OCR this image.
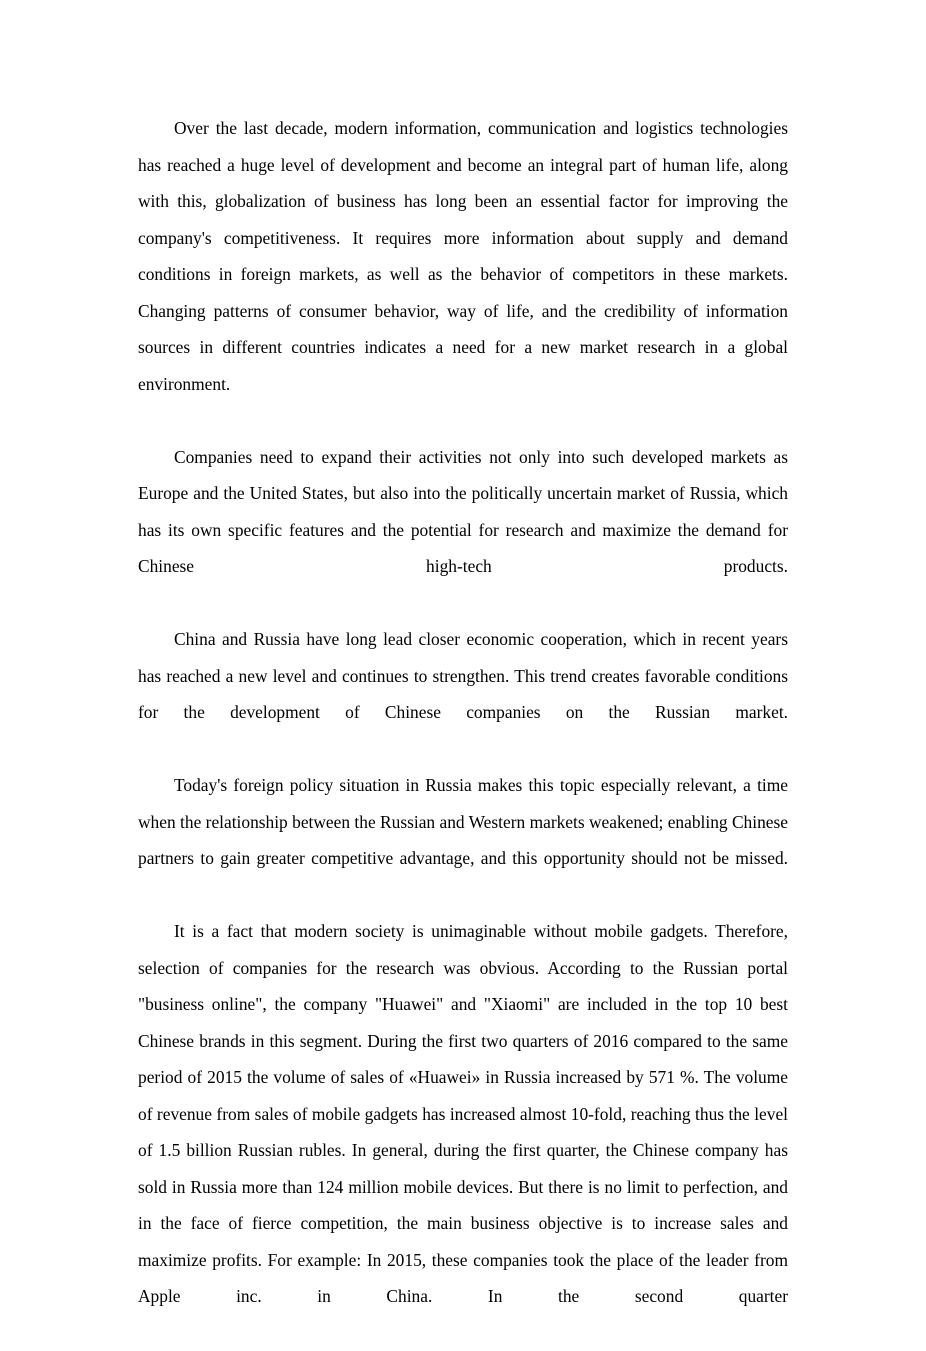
Over the last decade, modern information, communication and logistics technologies has reached a huge level of development and become an integral part of human life, along with this, globalization of business has long been an essential factor for improving the company's competitiveness. It requires more information about supply and demand conditions in foreign markets, as well as the behavior of competitors in these markets. Changing patterns of consumer behavior, way of life, and the credibility of information sources in different countries indicates a need for a new market research in a global environment.

Companies need to expand their activities not only into such developed markets as Europe and the United States, but also into the politically uncertain market of Russia, which has its own specific features and the potential for research and maximize the demand for Chinese high-tech products.

China and Russia have long lead closer economic cooperation, which in recent years has reached a new level and continues to strengthen. This trend creates favorable conditions for the development of Chinese companies on the Russian market.

Today's foreign policy situation in Russia makes this topic especially relevant, a time when the relationship between the Russian and Western markets weakened; enabling Chinese partners to gain greater competitive advantage, and this opportunity should not be missed.

It is a fact that modern society is unimaginable without mobile gadgets. Therefore, selection of companies for the research was obvious. According to the Russian portal "business online", the company "Huawei" and "Xiaomi" are included in the top 10 best Chinese brands in this segment. During the first two quarters of 2016 compared to the same period of 2015 the volume of sales of «Huawei» in Russia increased by 571 %. The volume of revenue from sales of mobile gadgets has increased almost 10-fold, reaching thus the level of 1.5 billion Russian rubles. In general, during the first quarter, the Chinese company has sold in Russia more than 124 million mobile devices. But there is no limit to perfection, and in the face of fierce competition, the main business objective is to increase sales and maximize profits. For example: In 2015, these companies took the place of the leader from Apple inc. in China. In the second quarter
